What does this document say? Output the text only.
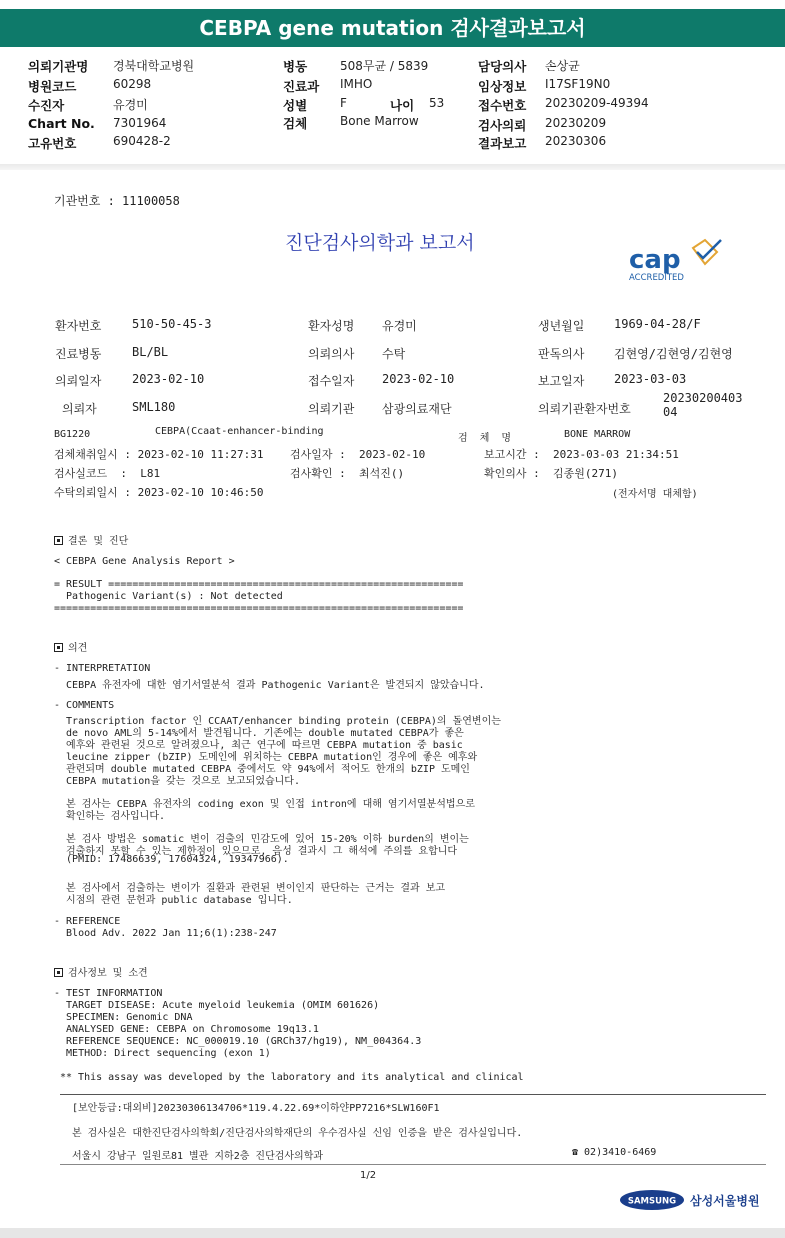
CEBPA gene mutation 검사결과보고서
의뢰기관명 경북대학교병원
병원코드	60298
수진자	유경미
Chart No. 7301964
고유번호	690428-2
병동	508무균 / 5839
진료과 IMHO
성별	F	나이 53
검체	Bone Marrow
담당의사 손상균
임상정보 I17SF19N0
접수번호 20230209-49394
검사의뢰 20230209
결과보고 20230306
기관번호 : 11100058
진단검사의학과 보고서
cap
ACCREDITED
환자번호	510-50-45-3	환자성명 유경미	생년월일 1969-04-28/F
진료병동	BL/BL	의뢰의사 수탁	판독의사 김현영/김현영/김현영
의뢰일자	2023-02-10	접수일자 2023-02-10	보고일자 2023-03-03
의뢰자	SML180	의뢰기관 삼광의료재단	의뢰기관환자번호
20230200403
04
BG1220	CEBPA(Ccaat-enhancer-binding
검  체  명	BONE MARROW
검체채취일시 : 2023-02-10 11:27:31 검사일자 :  2023-02-10	보고시간 :  2023-03-03 21:34:51
검사실코드  :  L81	검사확인 :  최석진()	확인의사 :  김종원(271)
수탁의뢰일시 : 2023-02-10 10:46:50	(전자서명 대체함)
결론 및 진단
< CEBPA Gene Analysis Report >
= RESULT ===========================================================
Pathogenic Variant(s) : Not detected
====================================================================
의견
- INTERPRETATION
CEBPA 유전자에 대한 염기서열분석 결과 Pathogenic Variant은 발견되지 않았습니다.
- COMMENTS
Transcription factor 인 CCAAT/enhancer binding protein (CEBPA)의 돌연변이는
de novo AML의 5-14%에서 발견됩니다. 기존에는 double mutated CEBPA가 좋은
예후와 관련된 것으로 알려졌으나, 최근 연구에 따르면 CEBPA mutation 중 basic
leucine zipper (bZIP) 도메인에 위치하는 CEBPA mutation인 경우에 좋은 예후와
관련되며 double mutated CEBPA 중에서도 약 94%에서 적어도 한개의 bZIP 도메인
CEBPA mutation을 갖는 것으로 보고되었습니다.
본 검사는 CEBPA 유전자의 coding exon 및 인접 intron에 대해 염기서열분석법으로
확인하는 검사입니다.
본 검사 방법은 somatic 변이 검출의 민감도에 있어 15-20% 이하 burden의 변이는
검출하지 못할 수 있는 제한점이 있으므로, 음성 결과시 그 해석에 주의를 요합니다
(PMID: 17486639, 17604324, 19347966).
본 검사에서 검출하는 변이가 질환과 관련된 변이인지 판단하는 근거는 결과 보고
시점의 관련 문헌과 public database 입니다.
- REFERENCE
Blood Adv. 2022 Jan 11;6(1):238-247
검사정보 및 소견
- TEST INFORMATION
TARGET DISEASE: Acute myeloid leukemia (OMIM 601626)
SPECIMEN: Genomic DNA
ANALYSED GENE: CEBPA on Chromosome 19q13.1
REFERENCE SEQUENCE: NC_000019.10 (GRCh37/hg19), NM_004364.3
METHOD: Direct sequencing (exon 1)
** This assay was developed by the laboratory and its analytical and clinical
[보안등급:대외비]20230306134706*119.4.22.69*이하얀PP7216*SLW160F1
본 검사실은 대한진단검사의학회/진단검사의학재단의 우수검사실 신임 인증을 받은 검사실입니다.
서울시 강남구 일원로81 별관 지하2층 진단검사의학과	☎ 02)3410-6469
1/2
SAMSUNG 삼성서울병원
